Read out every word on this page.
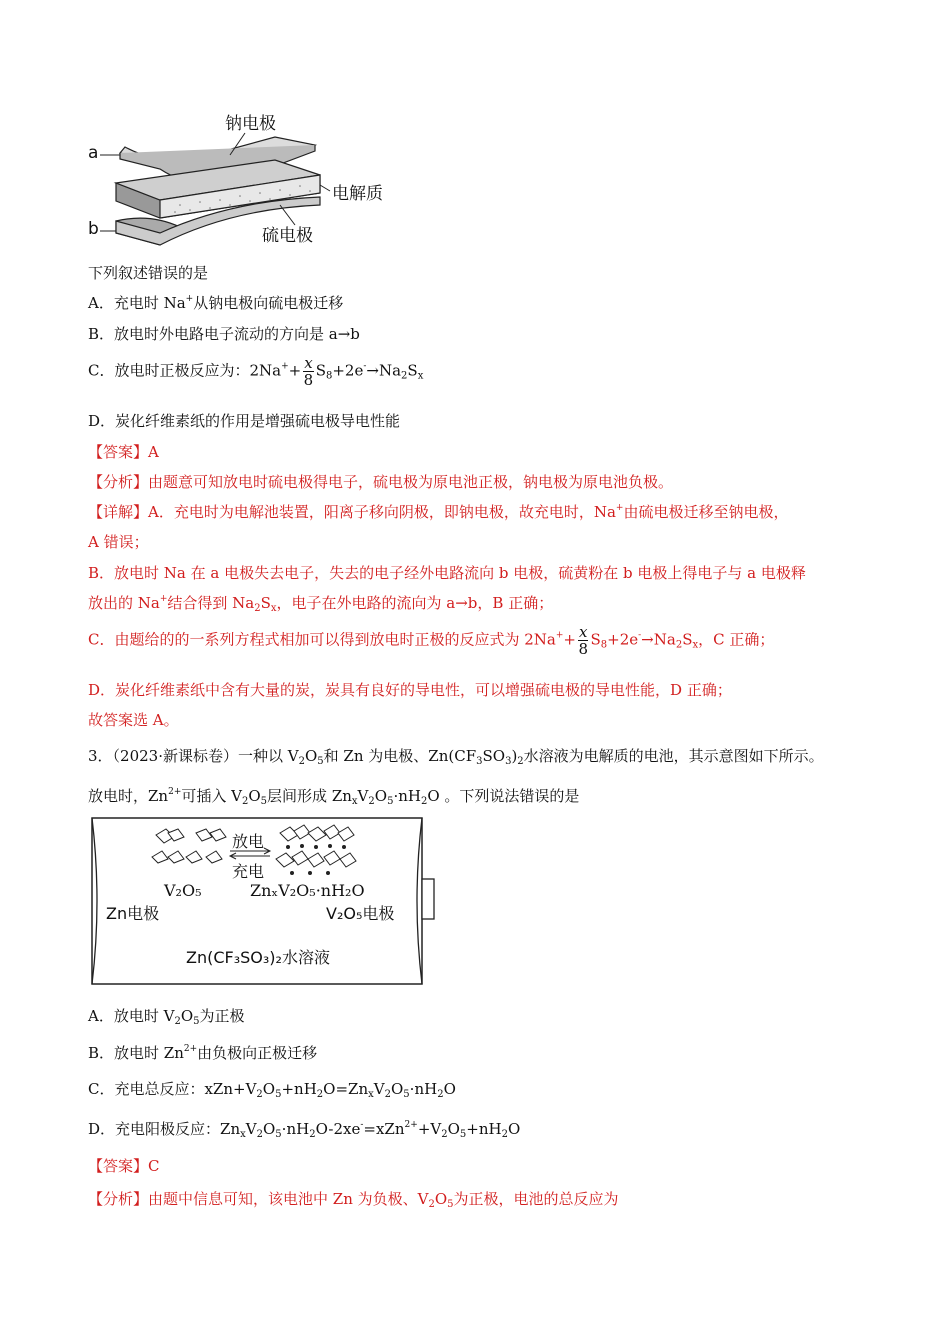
钠电极
电解质
硫电极
a
b
下列叙述错误的是
A．充电时 Na+从钠电极向硫电极迁移
B．放电时外电路电子流动的方向是 a→b
C．放电时正极反应为：$2Na^++ \frac{x}{8} S_8+2e^-\to Na_2S_x$
D．炭化纤维素纸的作用是增强硫电极导电性能
【答案】A
【分析】由题意可知放电时硫电极得电子，硫电极为原电池正极，钠电极为原电池负极。
【详解】A．充电时为电解池装置，阳离子移向阴极，即钠电极，故充电时，Na+由硫电极迁移至钠电极，
A 错误；
B．放电时 Na 在 a 电极失去电子，失去的电子经外电路流向 b 电极，硫黄粉在 b 电极上得电子与 a 电极释
放出的 Na+结合得到 $Na_2S_x$，电子在外电路的流向为 a→b，B 正确；
C．由题给的的一系列方程式相加可以得到放电时正极的反应式为 $2Na^++ \frac{x}{8} S_8+2e^-\to Na_2S_x$，C 正确；
D．炭化纤维素纸中含有大量的炭，炭具有良好的导电性，可以增强硫电极的导电性能，D 正确；
故答案选 A。
3．（2023·新课标卷）一种以 $V_2O_5$和 Zn 为电极、$Zn(CF_3SO_3)_2$水溶液为电解质的电池，其示意图如下所示。
放电时，$Zn^{2+}$可插入 $V_2O_5$层间形成 $Zn_xV_2O_5\cdot nH_2O$ 。下列说法错误的是
放电
充电
V₂O₅	ZnₓV₂O₅·nH₂O
Zn电极	V₂O₅电极
Zn(CF₃SO₃)₂水溶液
A．放电时 $V_2O_5$为正极
B．放电时 $Zn^{2+}$由负极向正极迁移
C．充电总反应：$xZn+V_2O_5+nH_2O=Zn_xV_2O_5\cdot nH_2O$
D．充电阳极反应：$Zn_xV_2O_5\cdot nH_2O-2xe^-=xZn^{2+}+V_2O_5+nH_2O$
【答案】C
【分析】由题中信息可知，该电池中 Zn 为负极、$V_2O_5$为正极，电池的总反应为
